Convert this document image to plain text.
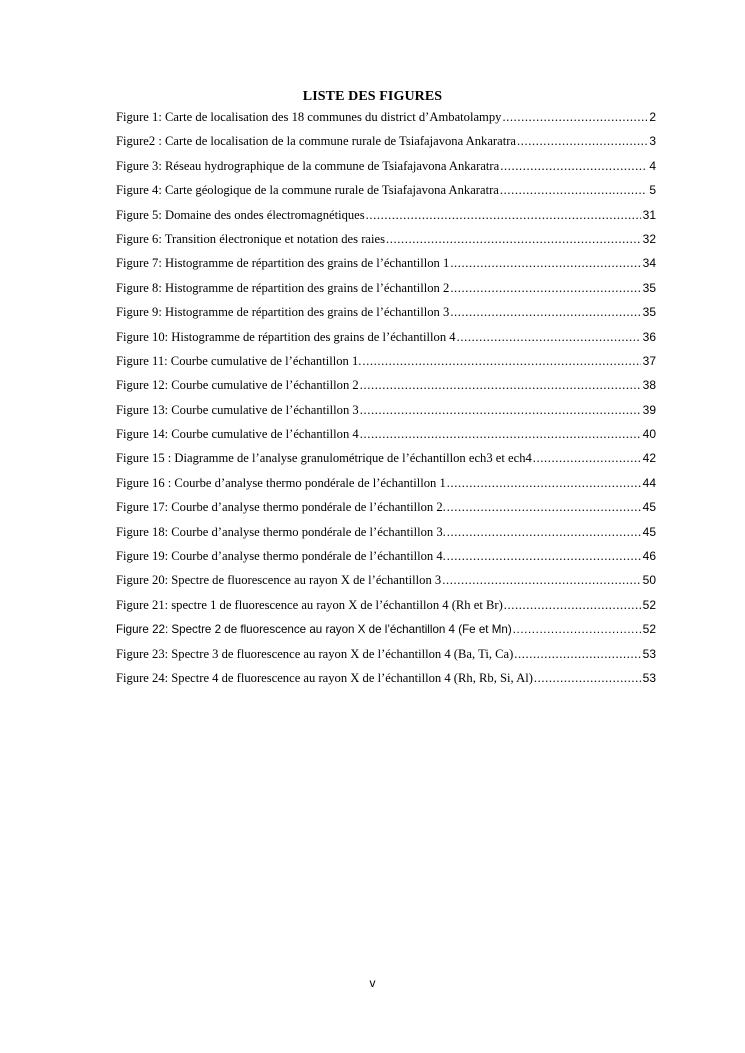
LISTE DES FIGURES
Figure 1: Carte de localisation des 18 communes du district d’Ambatolampy .....	2
Figure2 : Carte de localisation de la commune rurale de Tsiafajavona Ankaratra .....	3
Figure 3: Réseau hydrographique de la commune de Tsiafajavona Ankaratra .....	4
Figure 4: Carte géologique de la commune rurale de Tsiafajavona Ankaratra .....	5
Figure 5: Domaine des ondes électromagnétiques .....	31
Figure 6: Transition électronique et notation des raies .....	32
Figure 7: Histogramme de répartition des grains de l’échantillon 1 .....	34
Figure 8: Histogramme de répartition des grains de l’échantillon 2 .....	35
Figure 9: Histogramme de répartition des grains de l’échantillon 3 .....	35
Figure 10: Histogramme de répartition des grains de l’échantillon 4 .....	36
Figure 11: Courbe cumulative de l’échantillon 1. .....	37
Figure 12: Courbe cumulative de l’échantillon 2 .....	38
Figure 13: Courbe cumulative de l’échantillon 3 .....	39
Figure 14: Courbe cumulative de l’échantillon 4 .....	40
Figure 15 : Diagramme de l’analyse granulométrique de l’échantillon ech3 et ech4 .....	42
Figure 16 : Courbe d’analyse thermo pondérale de l’échantillon 1 .....	44
Figure 17: Courbe d’analyse thermo pondérale de l’échantillon 2. .....	45
Figure 18: Courbe d’analyse thermo pondérale de l’échantillon 3. .....	45
Figure 19: Courbe d’analyse thermo pondérale de l’échantillon 4. .....	46
Figure 20: Spectre de fluorescence au rayon X de l’échantillon 3 .....	50
Figure 21: spectre 1 de fluorescence au rayon X de l’échantillon 4 (Rh et Br) .....	52
Figure 22: Spectre 2 de fluorescence au rayon X de l’échantillon 4 (Fe et Mn) .....	52
Figure 23: Spectre 3 de fluorescence au rayon X de l’échantillon 4 (Ba, Ti, Ca) .....	53
Figure 24: Spectre 4 de fluorescence au rayon X de l’échantillon 4 (Rh, Rb, Si, Al) .....	53
v
